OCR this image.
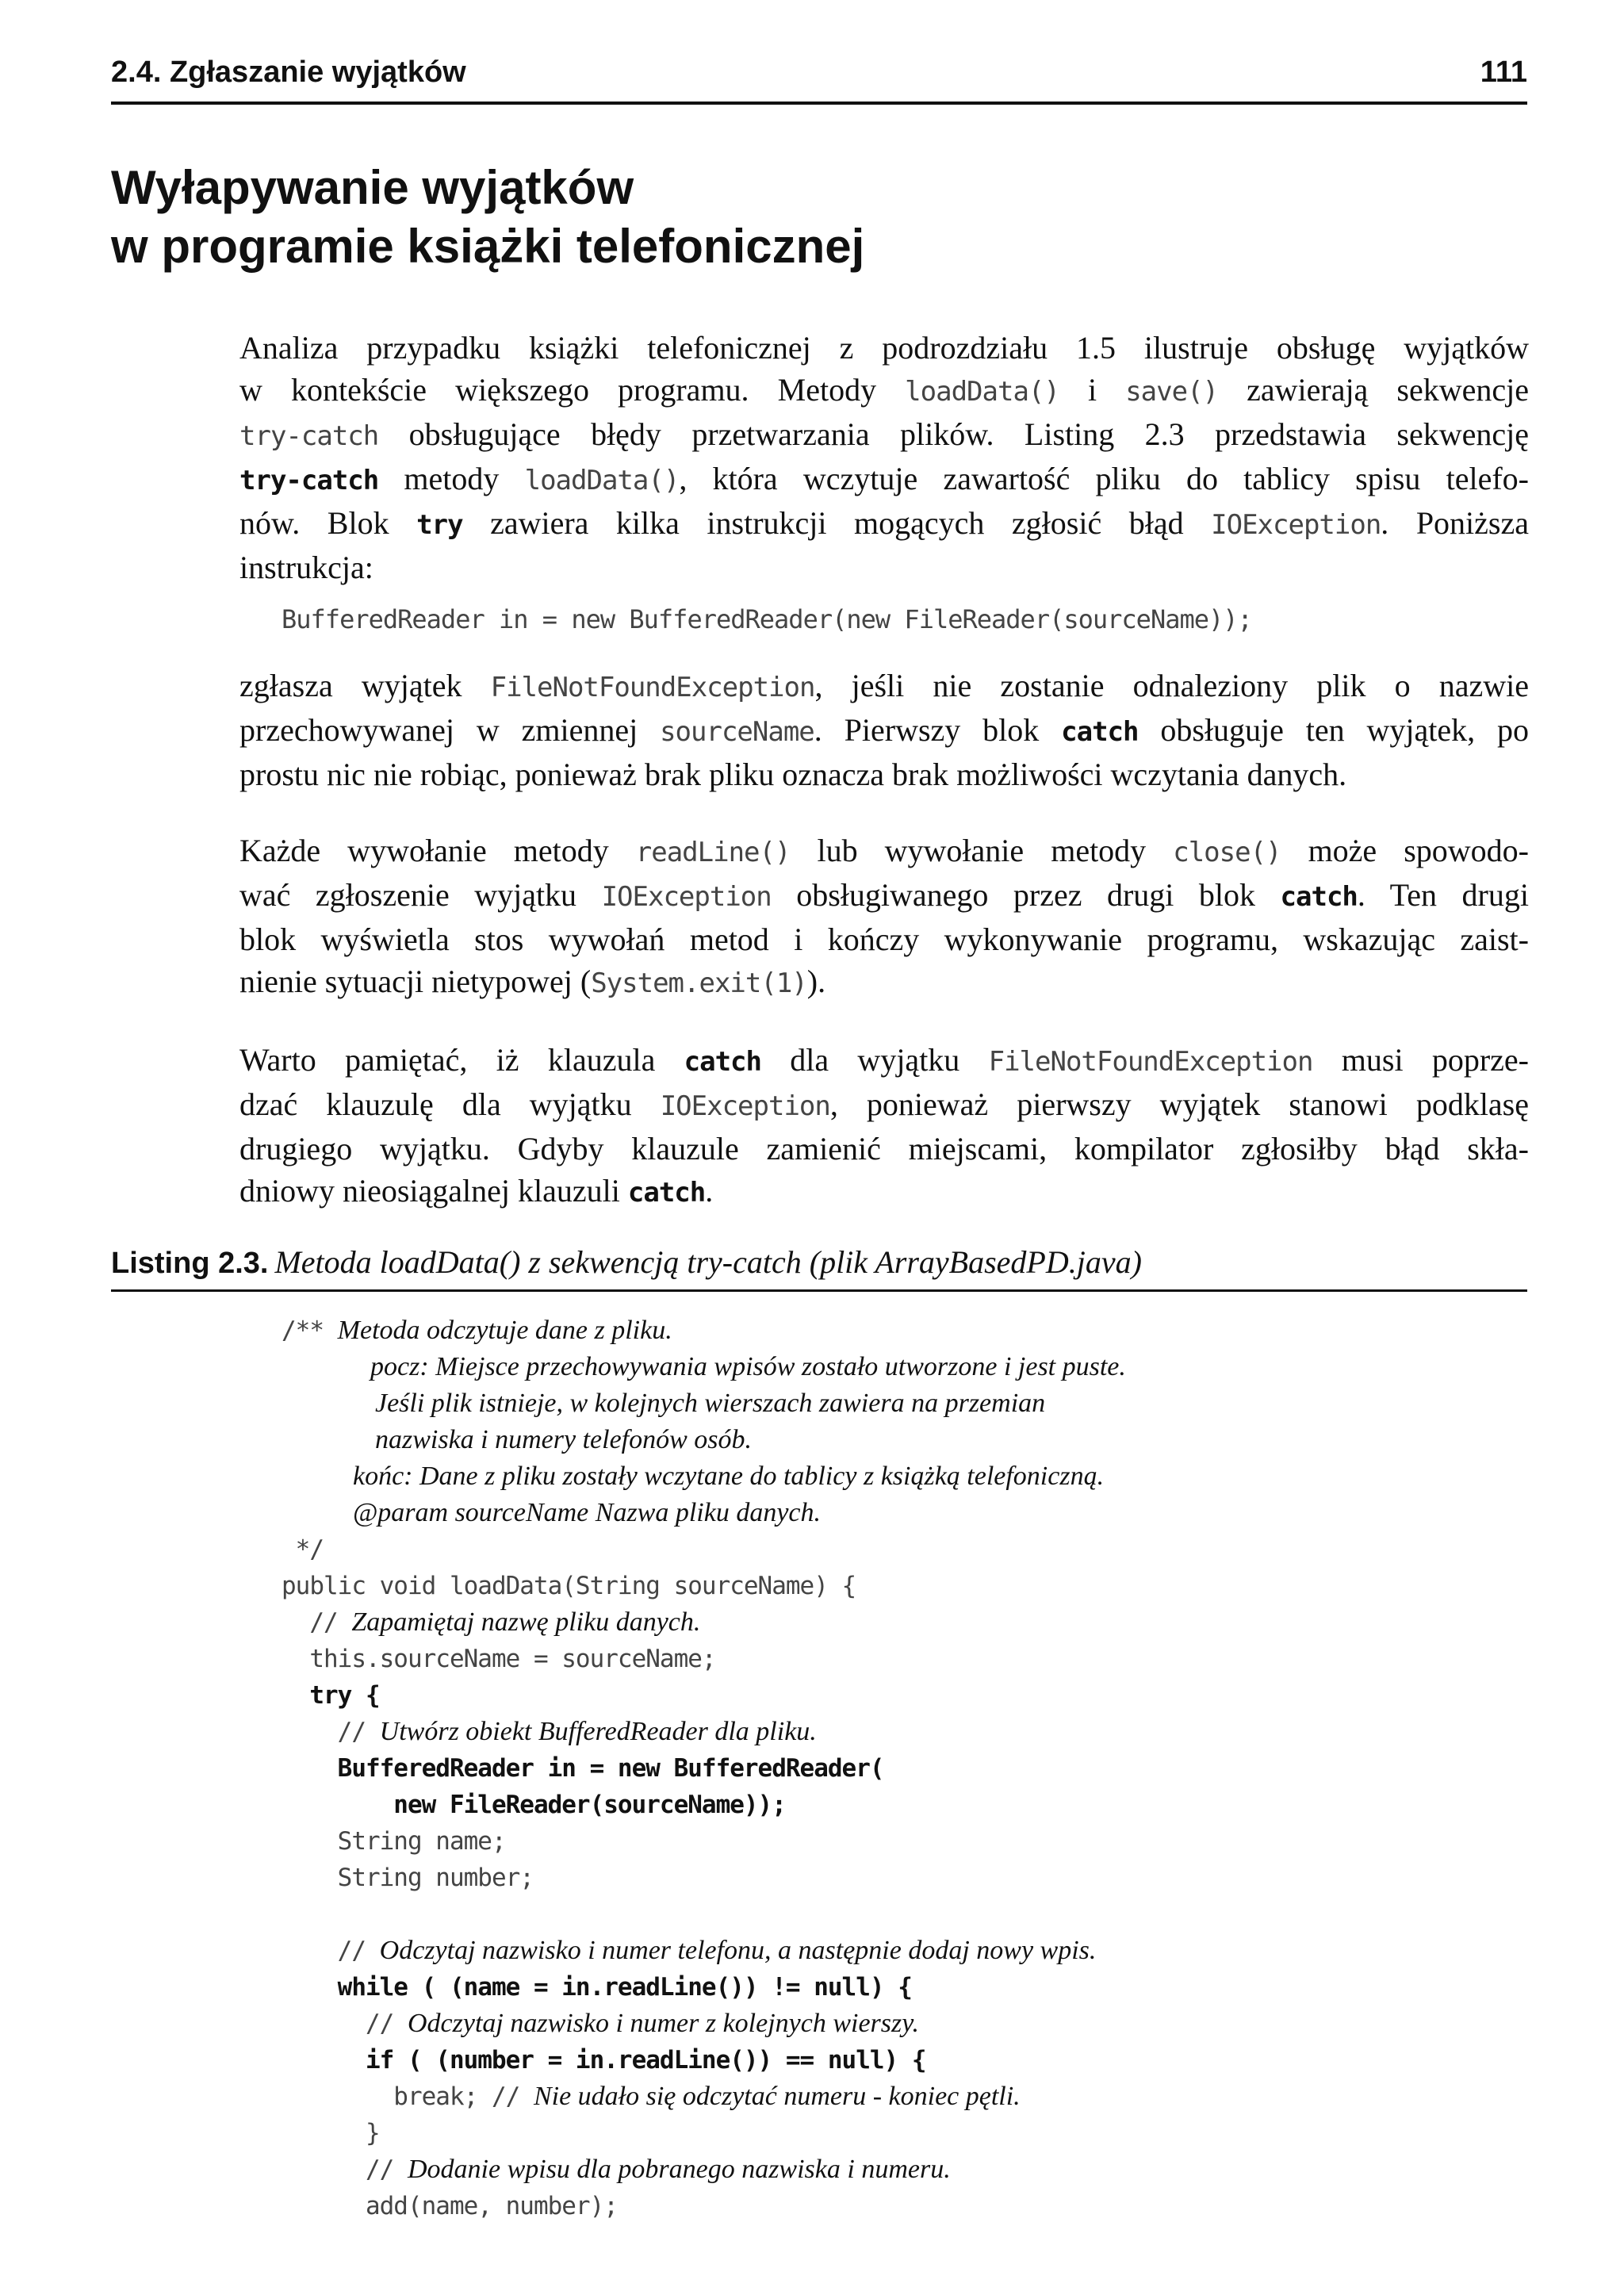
2.4. Zgłaszanie wyjątków	111
Wyłapywanie wyjątków
w programie książki telefonicznej
Analiza przypadku książki telefonicznej z podrozdziału 1.5 ilustruje obsługę wyjątków
w kontekście większego programu. Metody loadData() i save() zawierają sekwencje
try-catch obsługujące błędy przetwarzania plików. Listing 2.3 przedstawia sekwencję
try-catch metody loadData(), która wczytuje zawartość pliku do tablicy spisu telefo-
nów. Blok try zawiera kilka instrukcji mogących zgłosić błąd IOException. Poniższa
instrukcja:
BufferedReader in = new BufferedReader(new FileReader(sourceName));
zgłasza wyjątek FileNotFoundException, jeśli nie zostanie odnaleziony plik o nazwie
przechowywanej w zmiennej sourceName. Pierwszy blok catch obsługuje ten wyjątek, po
prostu nic nie robiąc, ponieważ brak pliku oznacza brak możliwości wczytania danych.
Każde wywołanie metody readLine() lub wywołanie metody close() może spowodo-
wać zgłoszenie wyjątku IOException obsługiwanego przez drugi blok catch. Ten drugi
blok wyświetla stos wywołań metod i kończy wykonywanie programu, wskazując zaist-
nienie sytuacji nietypowej (System.exit(1)).
Warto pamiętać, iż klauzula catch dla wyjątku FileNotFoundException musi poprze-
dzać klauzulę dla wyjątku IOException, ponieważ pierwszy wyjątek stanowi podklasę
drugiego wyjątku. Gdyby klauzule zamienić miejscami, kompilator zgłosiłby błąd skła-
dniowy nieosiągalnej klauzuli catch.
Listing 2.3. Metoda loadData() z sekwencją try-catch (plik ArrayBasedPD.java)
/** Metoda odczytuje dane z pliku.
pocz: Miejsce przechowywania wpisów zostało utworzone i jest puste.
Jeśli plik istnieje, w kolejnych wierszach zawiera na przemian
nazwiska i numery telefonów osób.
końc: Dane z pliku zostały wczytane do tablicy z książką telefoniczną.
@param sourceName Nazwa pliku danych.
*/
public void loadData(String sourceName) {
// Zapamiętaj nazwę pliku danych.
this.sourceName = sourceName;
try {
// Utwórz obiekt BufferedReader dla pliku.
BufferedReader in = new BufferedReader(
new FileReader(sourceName));
String name;
String number;
// Odczytaj nazwisko i numer telefonu, a następnie dodaj nowy wpis.
while ( (name = in.readLine()) != null) {
// Odczytaj nazwisko i numer z kolejnych wierszy.
if ( (number = in.readLine()) == null) {
break; // Nie udało się odczytać numeru - koniec pętli.
}
// Dodanie wpisu dla pobranego nazwiska i numeru.
add(name, number);
